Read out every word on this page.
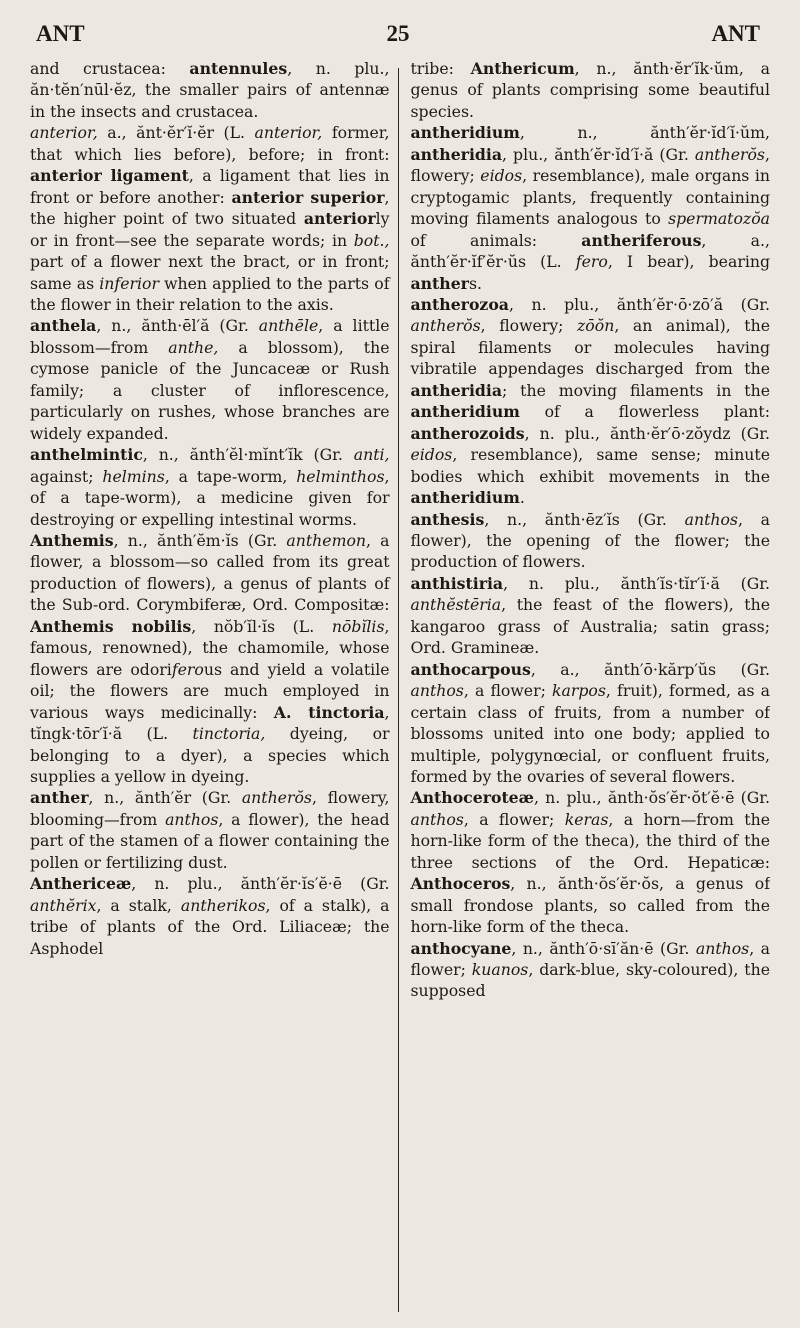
ANT	25	ANT

and crustacea: antennules, n. plu., ăn·tĕn′nūl·ĕz, the smaller pairs of antennæ in the insects and crustacea.

anterior, a., ănt·ĕr′ĭ·ĕr (L. anterior, former, that which lies before), before; in front: anterior ligament, a ligament that lies in front or before another: anterior superior, the higher point of two situated anteriorly or in front—see the separate words; in bot., part of a flower next the bract, or in front; same as inferior when applied to the parts of the flower in their relation to the axis.

anthela, n., ănth·ēl′ă (Gr. anthēle, a little blossom—from anthe, a blossom), the cymose panicle of the Juncaceæ or Rush family; a cluster of inflorescence, particularly on rushes, whose branches are widely expanded.

anthelmintic, n., ănth′ĕl·mĭnt′ĭk (Gr. anti, against; helmins, a tape-worm, helminthos, of a tape-worm), a medicine given for destroying or expelling intestinal worms.

Anthemis, n., ănth′ĕm·ĭs (Gr. anthemon, a flower, a blossom—so called from its great production of flowers), a genus of plants of the Sub-ord. Corymbiferæ, Ord. Compositæ: Anthemis nobilis, nŏb′ĭl·ĭs (L. nōbĭlis, famous, renowned), the chamomile, whose flowers are odoriferous and yield a volatile oil; the flowers are much employed in various ways medicinally: A. tinctoria, tĭngk·tōr′ĭ·ă (L. tinctoria, dyeing, or belonging to a dyer), a species which supplies a yellow in dyeing.

anther, n., ănth′ĕr (Gr. antherŏs, flowery, blooming—from anthos, a flower), the head part of the stamen of a flower containing the pollen or fertilizing dust.

Anthericeæ, n. plu., ănth′ĕr·ĭs′ĕ·ē (Gr. anthĕrix, a stalk, antherikos, of a stalk), a tribe of plants of the Ord. Liliaceæ; the Asphodel

tribe: Anthericum, n., ănth·ĕr′ĭk·ŭm, a genus of plants comprising some beautiful species.

antheridium, n., ănth′ĕr·ĭd′ĭ·ŭm, antheridia, plu., ănth′ĕr·ĭd′ĭ·ă (Gr. antherŏs, flowery; eidos, resemblance), male organs in cryptogamic plants, frequently containing moving filaments analogous to spermatozŏa of animals: antheriferous, a., ănth′ĕr·ĭf′ĕr·ŭs (L. fero, I bear), bearing anthers.

antherozoa, n. plu., ănth′ĕr·ō·zō′ă (Gr. antherŏs, flowery; zōŏn, an animal), the spiral filaments or molecules having vibratile appendages discharged from the antheridia; the moving filaments in the antheridium of a flowerless plant: antherozoids, n. plu., ănth·ĕr′ō·zŏydz (Gr. eidos, resemblance), same sense; minute bodies which exhibit movements in the antheridium.

anthesis, n., ănth·ēz′ĭs (Gr. anthos, a flower), the opening of the flower; the production of flowers.

anthistiria, n. plu., ănth′ĭs·tĭr′ĭ·ă (Gr. anthĕstēria, the feast of the flowers), the kangaroo grass of Australia; satin grass; Ord. Gramineæ.

anthocarpous, a., ănth′ō·kărp′ŭs (Gr. anthos, a flower; karpos, fruit), formed, as a certain class of fruits, from a number of blossoms united into one body; applied to multiple, polygynœcial, or confluent fruits, formed by the ovaries of several flowers.

Anthoceroteæ, n. plu., ănth·ŏs′ĕr·ŏt′ĕ·ē (Gr. anthos, a flower; keras, a horn—from the horn-like form of the theca), the third of the three sections of the Ord. Hepaticæ: Anthoceros, n., ănth·ŏs′ĕr·ŏs, a genus of small frondose plants, so called from the horn-like form of the theca.

anthocyane, n., ănth′ō·sī′ăn·ē (Gr. anthos, a flower; kuanos, dark-blue, sky-coloured), the supposed
